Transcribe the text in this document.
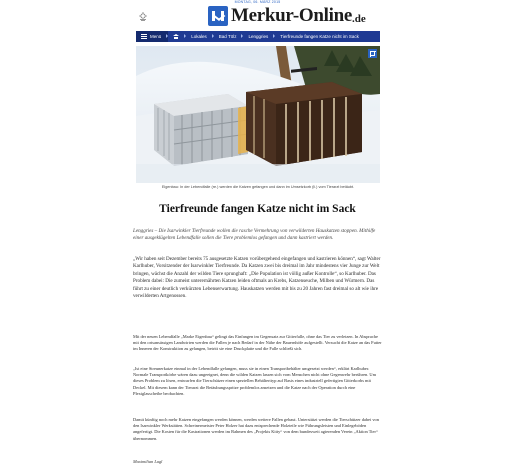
MONTAG, 06. MÄRZ 2015
Merkur-Online .de
Menü	Lokales	Bad Tölz	Lenggries	Tierfreunde fangen Katze nicht im Sack
Eigenbau: In der Lebendfalle (re.) werden die Katzen gefangen und dann im Umsetzkorb (li.) vom Tierarzt betäubt.
Tierfreunde fangen Katze nicht im Sack

Lenggries – Die Isarwinkler Tierfreunde wollen die rasche Vermehrung von verwilderten Hauskatzen stoppen. Mithilfe einer ausgeklügelten Lebendfalle sollen die Tiere problemlos gefangen und dann kastriert werden.

„Wir haben seit Dezember bereits 75 ausgesetzte Katzen vorübergehend eingefangen und kastrieren können“, sagt Walter Karlhuber, Vorsitzender der Isarwinkler Tierfreunde. Da Katzen zwei bis dreimal im Jahr mindestens vier Junge zur Welt bringen, wächst die Anzahl der wilden Tiere sprunghaft: „Die Population ist völlig außer Kontrolle“, so Karlhuber. Das Problem dabei: Die zumeist unterernährten Katzen leiden oftmals an Krebs, Katzenseuche, Milben und Würmern. Das führt zu einer deutlich verkürzten Lebenserwartung. Hauskatzen werden mit bis zu 20 Jahren fast dreimal so alt wie ihre verwilderten Artgenossen.

Mit der neuen Lebendfalle „Marke Eigenbau“ gelingt das Einfangen im Gegensatz zur Gitterfalle, ohne das Tier zu verletzen. In Absprache mit den ortsansässigen Landwirten werden die Fallen je nach Bedarf in der Nähe der Bauernhöfe aufgestellt. Versucht die Katze an das Futter im Inneren der Konstruktion zu gelangen, betritt sie eine Druckplatte und die Falle schließt sich.

„Ist eine Streunerkatze einmal in der Lebendfalle gefangen, muss sie in einen Transportbehälter umgesetzt werden“, erklärt Karlhuber. Normale Transportkörbe wären dazu ungeeignet, denn die wilden Katzen lassen sich vom Menschen nicht ohne Gegenwehr berühren. Um dieses Problem zu lösen, entwarfen die Tierschützer einen speziellen Behälterttyp auf Basis eines industriell gefertigten Gitterkorbs mit Deckel. Mit diesem kann der Tierarzt die Betäubungsspritze problemlos ansetzen und die Katze nach der Operation durch eine Plexiglasscheibe beobachten.

Damit künftig noch mehr Katzen eingefangen werden können, werden weitere Fallen gebaut. Unterstützt werden die Tierschützer dabei von den Isarwinkler Werkstätten. Schreinermeister Peter Holzer hat dazu entsprechende Holzteile wie Führungsleisten und Einlegeböden angefertigt. Die Kosten für die Kastrationen werden im Rahmen des „Projekts Kitty“ von dem bundesweit agierenden Verein „Aktion Tier“ übernommen.

Maximilian Lagl
